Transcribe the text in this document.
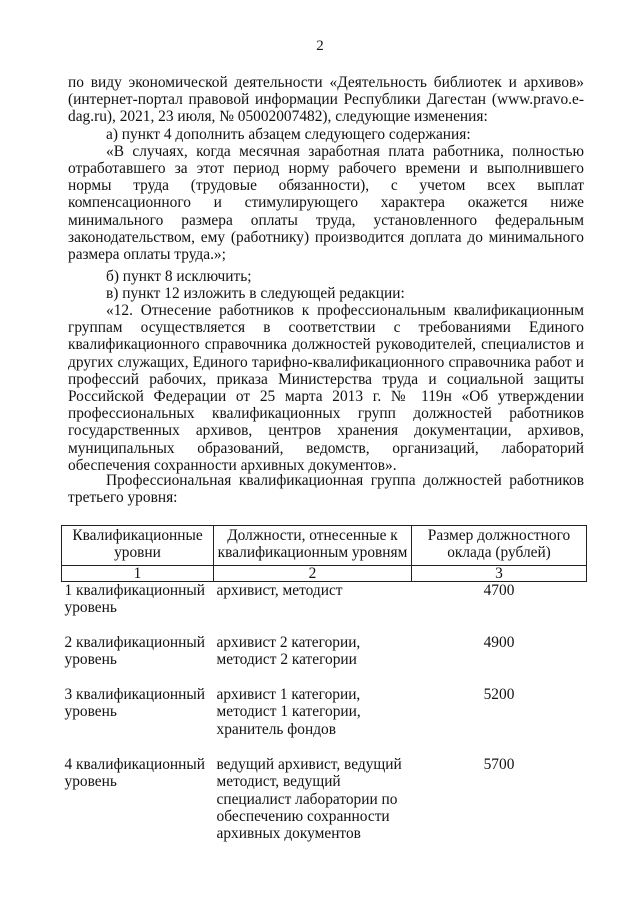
2

по виду экономической деятельности «Деятельность библиотек и архивов» (интернет-портал правовой информации Республики Дагестан (www.pravo.e-dag.ru), 2021, 23 июля, № 05002007482), следующие изменения:

а) пункт 4 дополнить абзацем следующего содержания:

«В случаях, когда месячная заработная плата работника, полностью отработавшего за этот период норму рабочего времени и выполнившего нормы труда (трудовые обязанности), с учетом всех выплат компенсационного и стимулирующего характера окажется ниже минимального размера оплаты труда, установленного федеральным законодательством, ему (работнику) производится доплата до минимального размера оплаты труда.»;

б) пункт 8 исключить;

в) пункт 12 изложить в следующей редакции:

«12. Отнесение работников к профессиональным квалификационным группам осуществляется в соответствии с требованиями Единого квалификационного справочника должностей руководителей, специалистов и других служащих, Единого тарифно-квалификационного справочника работ и профессий рабочих, приказа Министерства труда и социальной защиты Российской Федерации от 25 марта 2013 г. № 119н «Об утверждении профессиональных квалификационных групп должностей работников государственных архивов, центров хранения документации, архивов, муниципальных образований, ведомств, организаций, лабораторий обеспечения сохранности архивных документов».

Профессиональная квалификационная группа должностей работников третьего уровня:

Квалификационные уровни	Должности, отнесенные к квалификационным уровням	Размер должностного оклада (рублей)
1	2	3
1 квалификационный уровень	архивист, методист	4700
2 квалификационный уровень	архивист 2 категории, методист 2 категории	4900
3 квалификационный уровень	архивист 1 категории, методист 1 категории, хранитель фондов	5200
4 квалификационный уровень	ведущий архивист, ведущий методист, ведущий специалист лаборатории по обеспечению сохранности архивных документов	5700
